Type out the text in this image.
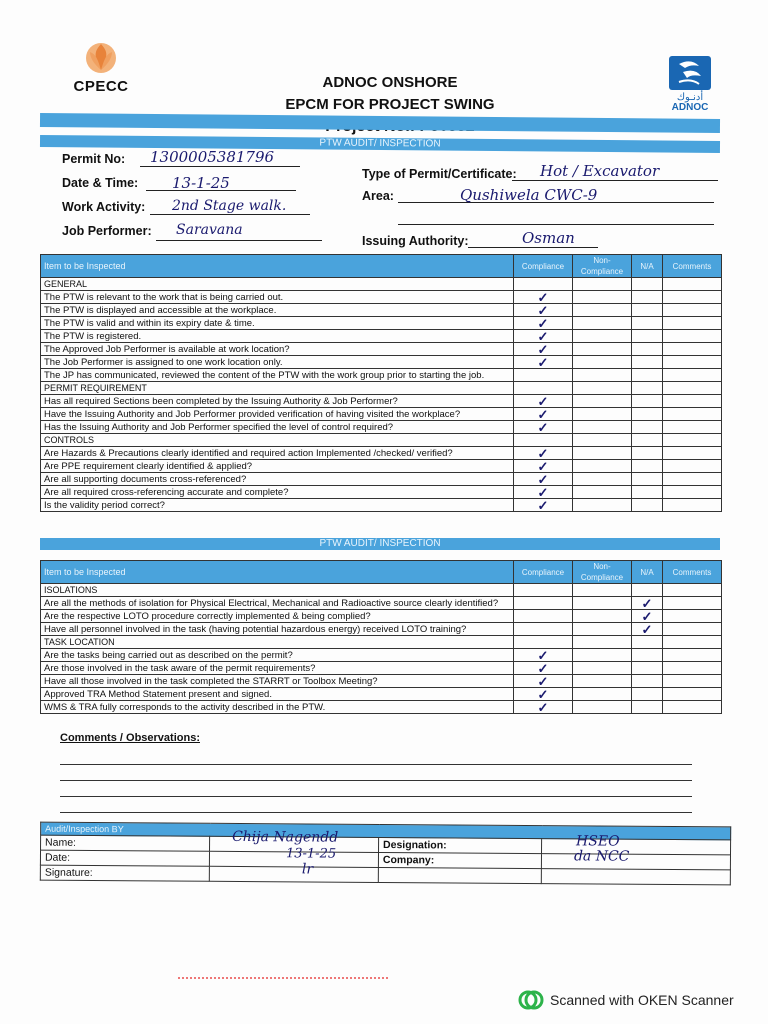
CPECC
أدنـوك
ADNOC
ADNOC ONSHORE
EPCM FOR PROJECT SWING
PTW AUDIT/ INSPECTION
Permit No: 1300005381796
Date & Time: 13-1-25
Work Activity: 2nd Stage walk.
Job Performer: Saravana
Type of Permit/Certificate: Hot / Excavator
Area:	Qushiwela CWC-9
Issuing Authority:	Osman
Item to be Inspected	Compliance	Non-Compliance	N/A	Comments
GENERAL				
The PTW is relevant to the work that is being carried out.	✓			
The PTW is displayed and accessible at the workplace.	✓			
The PTW is valid and within its expiry date & time.	✓			
The PTW is registered.	✓			
The Approved Job Performer is available at work location?	✓			
The Job Performer is assigned to one work location only.	✓			
The JP has communicated, reviewed the content of the PTW with the work group prior to starting the job.				
PERMIT REQUIREMENT				
Has all required Sections been completed by the Issuing Authority & Job Performer?	✓			
Have the Issuing Authority and Job Performer provided verification of having visited the workplace?	✓			
Has the Issuing Authority and Job Performer specified the level of control required?	✓			
CONTROLS				
Are Hazards & Precautions clearly identified and required action Implemented /checked/ verified?	✓			
Are PPE requirement clearly identified & applied?	✓			
Are all supporting documents cross-referenced?	✓			
Are all required cross-referencing accurate and complete?	✓			
Is the validity period correct?	✓			
PTW AUDIT/ INSPECTION
Item to be Inspected	Compliance	Non-Compliance	N/A	Comments
ISOLATIONS				
Are all the methods of isolation for Physical Electrical, Mechanical and Radioactive source clearly identified?			✓	
Are the respective LOTO procedure correctly implemented & being complied?			✓	
Have all personnel involved in the task (having potential hazardous energy) received LOTO training?			✓	
TASK LOCATION				
Are the tasks being carried out as described on the permit?	✓			
Are those involved in the task aware of the permit requirements?	✓			
Have all those involved in the task completed the STARRT or Toolbox Meeting?	✓			
Approved TRA Method Statement present and signed.	✓			
WMS & TRA fully corresponds to the activity described in the PTW.	✓			
Comments / Observations:
Audit/Inspection BY			
Name:	Chija Nagendd	Designation:	HSEO

Date:	13-1-25	Company:	da NCC

Signature:	lr		

Scanned with OKEN Scanner
